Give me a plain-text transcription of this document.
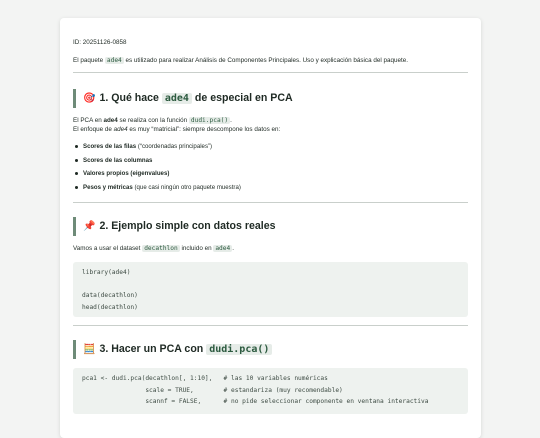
ID: 20251126-0858

El paquete ade4 es utilizado para realizar Análisis de Componentes Principales. Uso y explicación básica del paquete.

🎯 1. Qué hace ade4 de especial en PCA

El PCA en ade4 se realiza con la función dudi.pca() .

El enfoque de ade4 es muy “matricial”: siempre descompone los datos en:

Scores de las filas (“coordenadas principales”)
Scores de las columnas
Valores propios (eigenvalues)
Pesos y métricas (que casi ningún otro paquete muestra)
📌 2. Ejemplo simple con datos reales

Vamos a usar el dataset decathlon incluido en ade4 .

library(ade4)

data(decathlon)
head(decathlon)
🧮 3. Hacer un PCA con dudi.pca()
pca1 <- dudi.pca(decathlon[, 1:10],   # las 10 variables numéricas
scale = TRUE,        # estandariza (muy recomendable)
scannf = FALSE,      # no pide seleccionar componente en ventana interactiva
